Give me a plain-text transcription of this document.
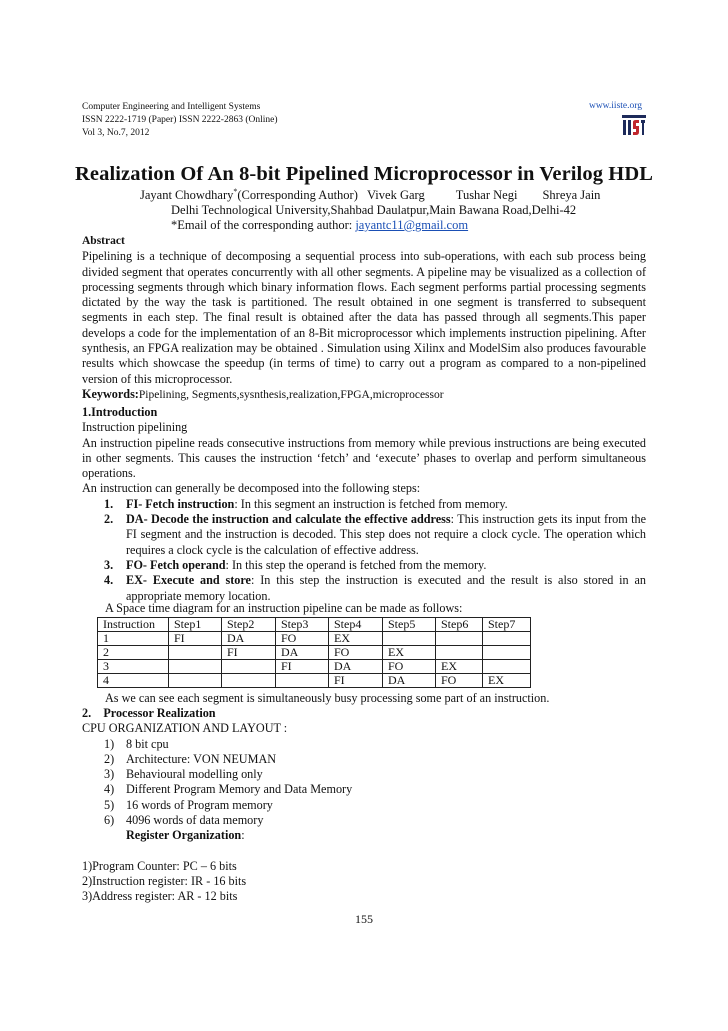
Computer Engineering and Intelligent Systems
ISSN 2222-1719 (Paper) ISSN 2222-2863 (Online)
Vol 3, No.7, 2012
www.iiste.org
Realization Of An 8-bit Pipelined Microprocessor in Verilog HDL
Jayant Chowdhary*(Corresponding Author) Vivek Garg Tushar Negi Shreya Jain
Delhi Technological University,Shahbad Daulatpur,Main Bawana Road,Delhi-42
*Email of the corresponding author: jayantc11@gmail.com
Abstract
Pipelining is a technique of decomposing a sequential process into sub-operations, with each sub process being divided segment that operates concurrently with all other segments. A pipeline may be visualized as a collection of processing segments through which binary information flows. Each segment performs partial processing segments dictated by the way the task is partitioned. The result obtained in one segment is transferred to subsequent segments in each step. The final result is obtained after the data has passed through all segments.This paper develops a code for the implementation of an 8-Bit microprocessor which implements instruction pipelining. After synthesis, an FPGA realization may be obtained . Simulation using Xilinx and ModelSim also produces favourable results which showcase the speedup (in terms of time) to carry out a program as compared to a non-pipelined version of this microprocessor.
Keywords:Pipelining, Segments,sysnthesis,realization,FPGA,microprocessor
1.Introduction
Instruction pipelining
An instruction pipeline reads consecutive instructions from memory while previous instructions are being executed in other segments. This causes the instruction ‘fetch’ and ‘execute’ phases to overlap and perform simultaneous operations.
An instruction can generally be decomposed into the following steps:
1. FI- Fetch instruction: In this segment an instruction is fetched from memory.
2. DA- Decode the instruction and calculate the effective address: This instruction gets its input from the FI segment and the instruction is decoded. This step does not require a clock cycle. The operation which requires a clock cycle is the calculation of effective address.
3. FO- Fetch operand: In this step the operand is fetched from the memory.
4. EX- Execute and store: In this step the instruction is executed and the result is also stored in an appropriate memory location.
A Space time diagram for an instruction pipeline can be made as follows:
Instruction	Step1	Step2	Step3	Step4	Step5	Step6	Step7
1	FI	DA	FO	EX			
2		FI	DA	FO	EX		
3			FI	DA	FO	EX	
4				FI	DA	FO	EX
As we can see each segment is simultaneously busy processing some part of an instruction.
2.    Processor Realization
CPU ORGANIZATION AND LAYOUT :
1) 8 bit cpu
2) Architecture: VON NEUMAN
3) Behavioural modelling only
4) Different Program Memory and Data Memory
5) 16 words of Program memory
6) 4096 words of data memory
Register Organization:
1)Program Counter: PC – 6 bits
2)Instruction register: IR - 16 bits
3)Address register: AR - 12 bits
155
